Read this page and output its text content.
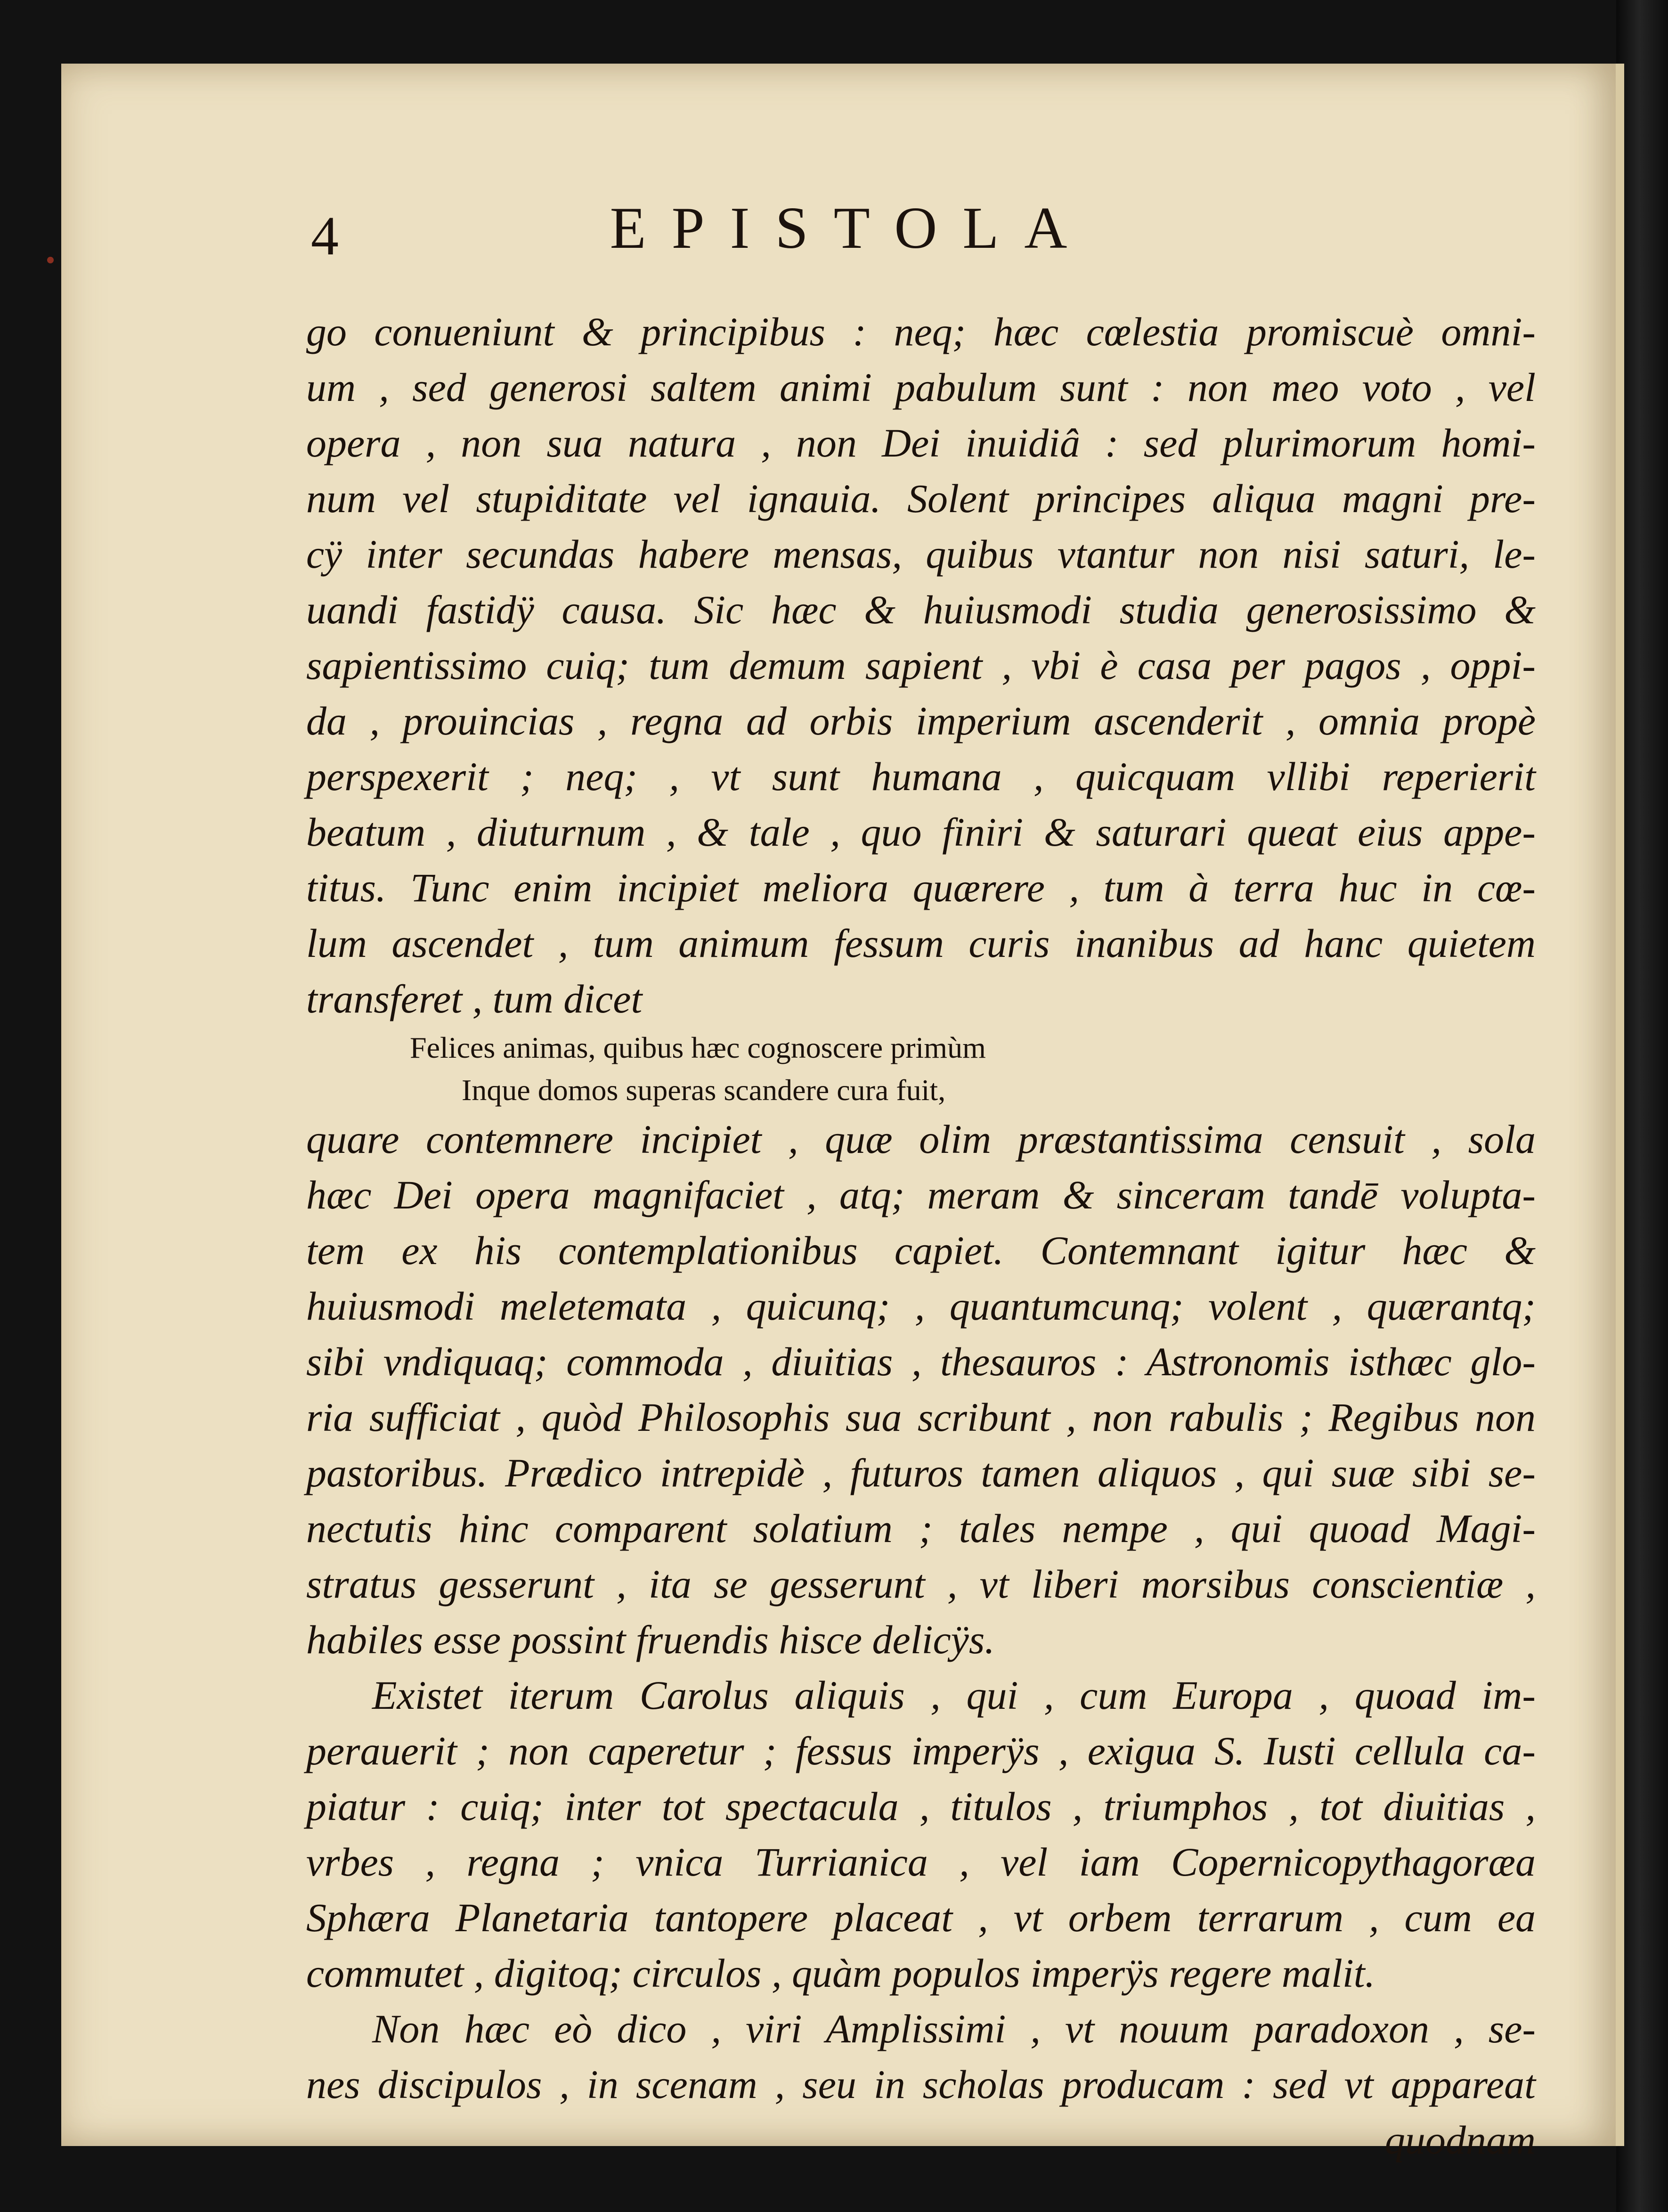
4	EPISTOLA
go conueniunt & principibus : neq; hæc cœlestia promiscuè omni-
um , sed generosi saltem animi pabulum sunt : non meo voto , vel
opera , non sua natura , non Dei inuidiâ : sed plurimorum homi-
num vel stupiditate vel ignauia. Solent principes aliqua magni pre-
cÿ inter secundas habere mensas, quibus vtantur non nisi saturi, le-
uandi fastidÿ causa. Sic hæc & huiusmodi studia generosissimo &
sapientissimo cuiq; tum demum sapient , vbi è casa per pagos , oppi-
da , prouincias , regna ad orbis imperium ascenderit , omnia propè
perspexerit ; neq; , vt sunt humana , quicquam vllibi reperierit
beatum , diuturnum , & tale , quo finiri & saturari queat eius appe-
titus. Tunc enim incipiet meliora quærere , tum à terra huc in cœ-
lum ascendet , tum animum fessum curis inanibus ad hanc quietem
transferet , tum dicet
Felices animas, quibus hæc cognoscere primùm
Inque domos superas scandere cura fuit,
quare contemnere incipiet , quæ olim præstantissima censuit , sola
hæc Dei opera magnifaciet , atq; meram & sinceram tandē volupta-
tem ex his contemplationibus capiet. Contemnant igitur hæc &
huiusmodi meletemata , quicunq; , quantumcunq; volent , quærantq;
sibi vndiquaq; commoda , diuitias , thesauros : Astronomis isthæc glo-
ria sufficiat , quòd Philosophis sua scribunt , non rabulis ; Regibus non
pastoribus. Prædico intrepidè , futuros tamen aliquos , qui suæ sibi se-
nectutis hinc comparent solatium ; tales nempe , qui quoad Magi-
stratus gesserunt , ita se gesserunt , vt liberi morsibus conscientiæ ,
habiles esse possint fruendis hisce delicÿs.
Existet iterum Carolus aliquis , qui , cum Europa , quoad im-
perauerit ; non caperetur ; fessus imperÿs , exigua S. Iusti cellula ca-
piatur : cuiq; inter tot spectacula , titulos , triumphos , tot diuitias ,
vrbes , regna ; vnica Turrianica , vel iam Copernicopythagoræa
Sphæra Planetaria tantopere placeat , vt orbem terrarum , cum ea
commutet , digitoq; circulos , quàm populos imperÿs regere malit.
Non hæc eò dico , viri Amplissimi , vt nouum paradoxon , se-
nes discipulos , in scenam , seu in scholas producam : sed vt appareat
quodnam
